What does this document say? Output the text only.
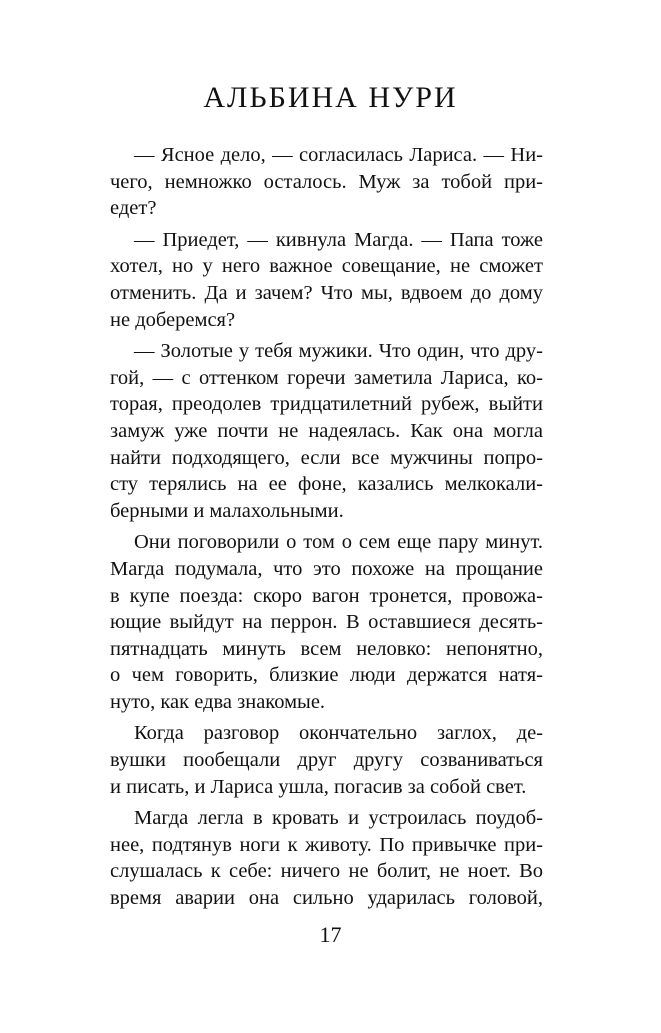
АЛЬБИНА НУРИ
— Ясное дело, — согласилась Лариса. — Ни-
чего, немножко осталось. Муж за тобой при-
едет?
— Приедет, — кивнула Магда. — Папа тоже
хотел, но у него важное совещание, не сможет
отменить. Да и зачем? Что мы, вдвоем до дому
не доберемся?
— Золотые у тебя мужики. Что один, что дру-
гой, — с оттенком горечи заметила Лариса, ко-
торая, преодолев тридцатилетний рубеж, выйти
замуж уже почти не надеялась. Как она могла
найти подходящего, если все мужчины попро-
сту терялись на ее фоне, казались мелкокали-
берными и малахольными.
Они поговорили о том о сем еще пару минут.
Магда подумала, что это похоже на прощание
в купе поезда: скоро вагон тронется, провожа-
ющие выйдут на перрон. В оставшиеся десять-
пятнадцать минуть всем неловко: непонятно,
о чем говорить, близкие люди держатся натя-
нуто, как едва знакомые.
Когда разговор окончательно заглох, де-
вушки пообещали друг другу созваниваться
и писать, и Лариса ушла, погасив за собой свет.
Магда легла в кровать и устроилась поудоб-
нее, подтянув ноги к животу. По привычке при-
слушалась к себе: ничего не болит, не ноет. Во
время аварии она сильно ударилась головой,
17
